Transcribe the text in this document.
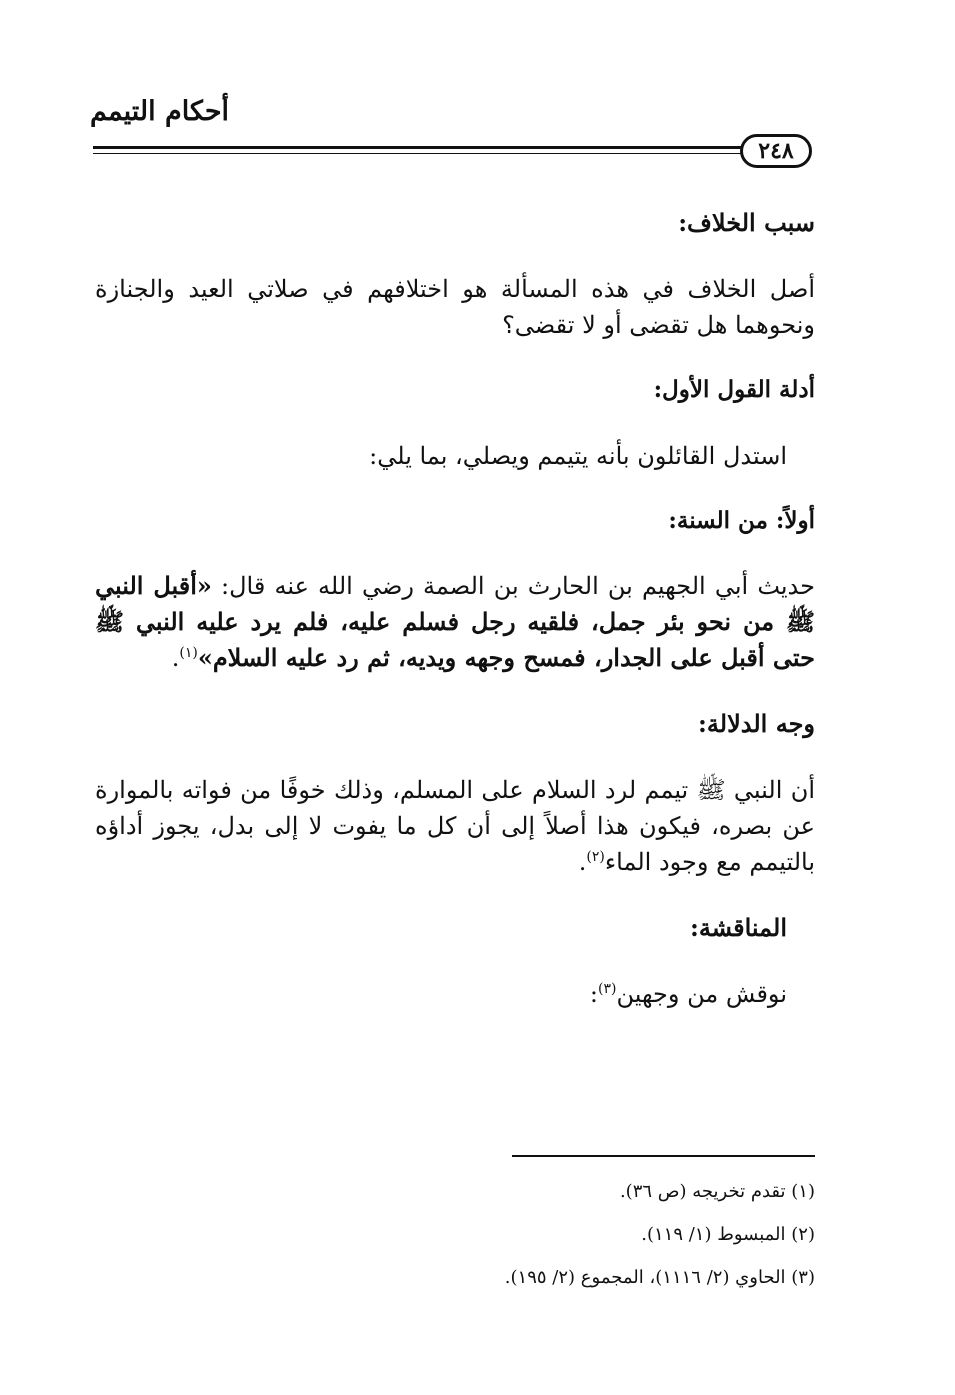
أحكام التيمم
٢٤٨

سبب الخلاف:

أصل الخلاف في هذه المسألة هو اختلافهم في صلاتي العيد والجنازة ونحوهما هل تقضى أو لا تقضى؟

أدلة القول الأول:

استدل القائلون بأنه يتيمم ويصلي، بما يلي:

أولاً: من السنة:

حديث أبي الجهيم بن الحارث بن الصمة رضي الله عنه قال: «أقبل النبي ﷺ من نحو بئر جمل، فلقيه رجل فسلم عليه، فلم يرد عليه النبي ﷺ حتى أقبل على الجدار، فمسح وجهه ويديه، ثم رد عليه السلام»$^{(١)}$.

وجه الدلالة:

أن النبي ﷺ تيمم لرد السلام على المسلم، وذلك خوفًا من فواته بالموارة عن بصره، فيكون هذا أصلاً إلى أن كل ما يفوت لا إلى بدل، يجوز أداؤه بالتيمم مع وجود الماء$^{(٢)}$.

المناقشة:

نوقش من وجهين$^{(٣)}$:

(١) تقدم تخريجه (ص ٣٦).
(٢) المبسوط (١/ ١١٩).
(٣) الحاوي (٢/ ١١١٦)، المجموع (٢/ ١٩٥).
